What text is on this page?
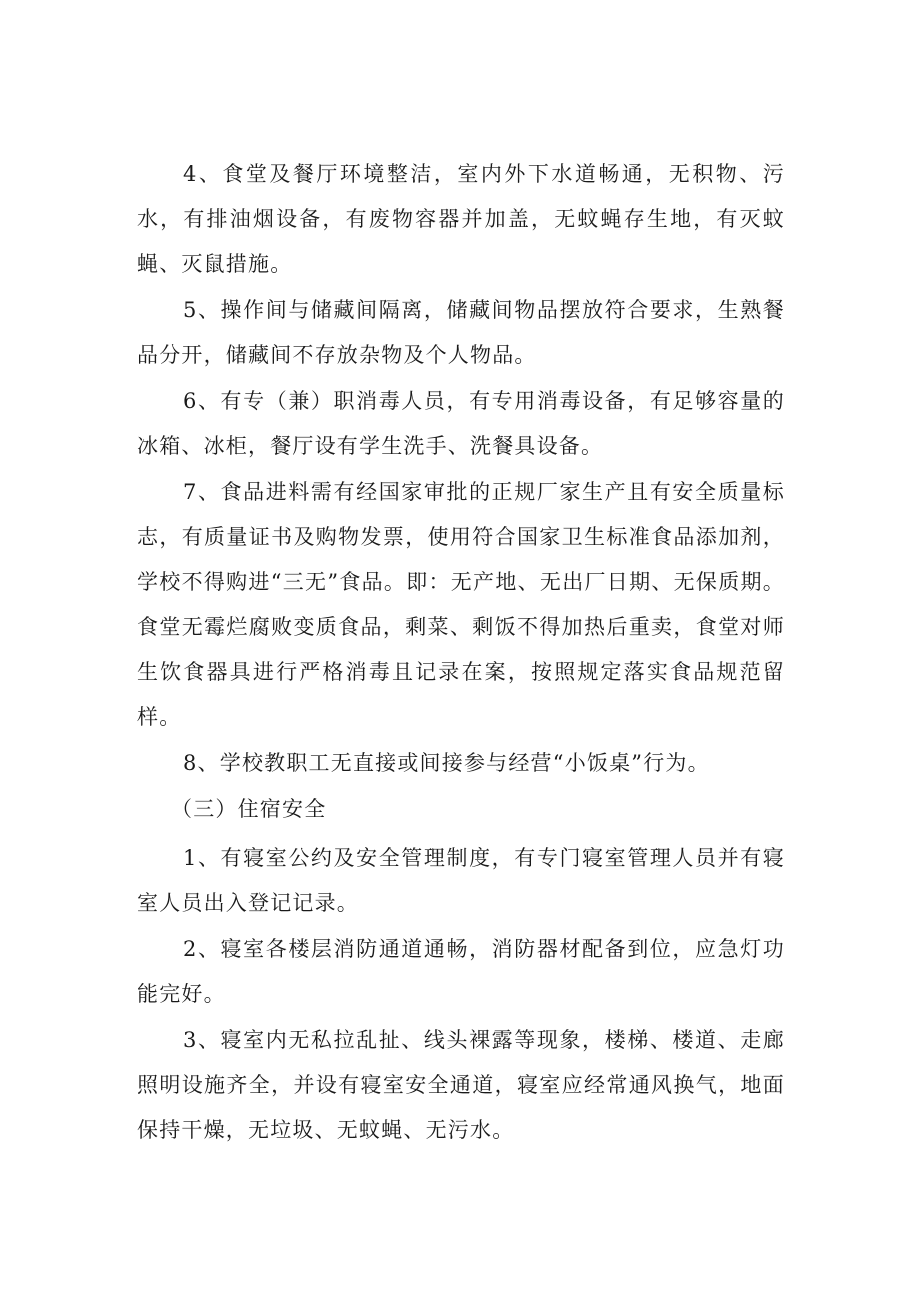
4、食堂及餐厅环境整洁，室内外下水道畅通，无积物、污水，有排油烟设备，有废物容器并加盖，无蚊蝇存生地，有灭蚊蝇、灭鼠措施。

5、操作间与储藏间隔离，储藏间物品摆放符合要求，生熟餐品分开，储藏间不存放杂物及个人物品。

6、有专（兼）职消毒人员，有专用消毒设备，有足够容量的冰箱、冰柜，餐厅设有学生洗手、洗餐具设备。

7、食品进料需有经国家审批的正规厂家生产且有安全质量标志，有质量证书及购物发票，使用符合国家卫生标准食品添加剂，学校不得购进“三无”食品。即：无产地、无出厂日期、无保质期。食堂无霉烂腐败变质食品，剩菜、剩饭不得加热后重卖，食堂对师生饮食器具进行严格消毒且记录在案，按照规定落实食品规范留样。

8、学校教职工无直接或间接参与经营“小饭桌”行为。

（三）住宿安全

1、有寝室公约及安全管理制度，有专门寝室管理人员并有寝室人员出入登记记录。

2、寝室各楼层消防通道通畅，消防器材配备到位，应急灯功能完好。

3、寝室内无私拉乱扯、线头裸露等现象，楼梯、楼道、走廊照明设施齐全，并设有寝室安全通道，寝室应经常通风换气，地面保持干燥，无垃圾、无蚊蝇、无污水。
